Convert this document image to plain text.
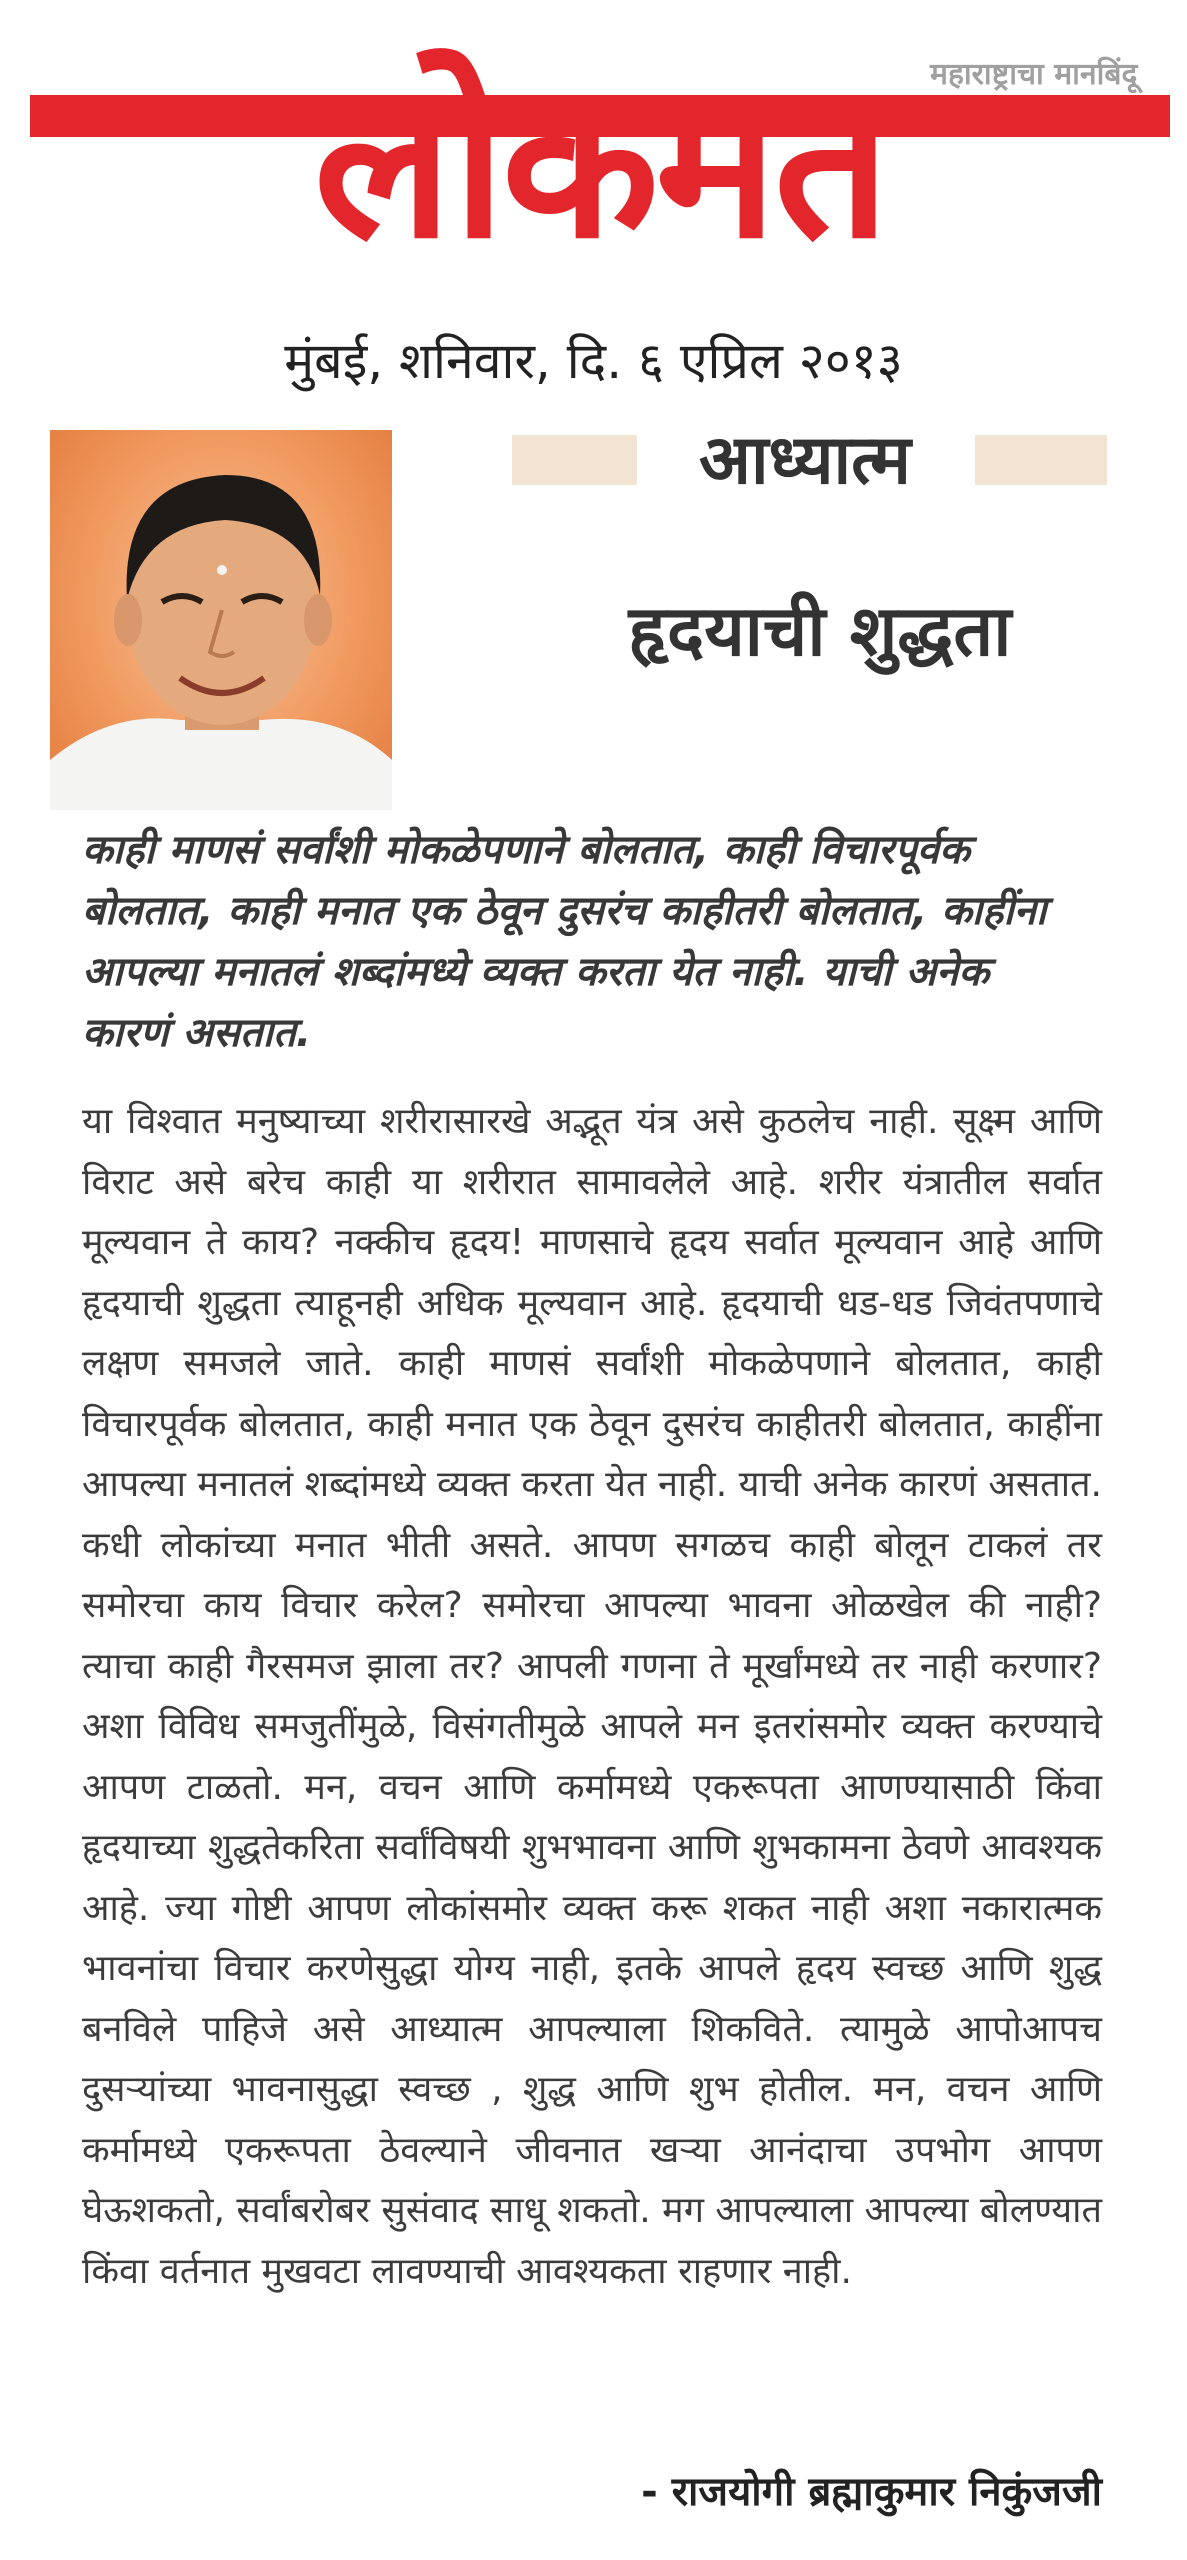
लोकमत	महाराष्ट्राचा मानबिंदू
मुंबई, शनिवार, दि. ६ एप्रिल २०१३
आध्यात्म
हृदयाची शुद्धता
काही माणसं सर्वांशी मोकळेपणाने बोलतात, काही विचारपूर्वक बोलतात, काही मनात एक ठेवून दुसरंच काहीतरी बोलतात, काहींना आपल्या मनातलं शब्दांमध्ये व्यक्त करता येत नाही. याची अनेक कारणं असतात.
या विश्वात मनुष्याच्या शरीरासारखे अद्भूत यंत्र असे कुठलेच नाही. सूक्ष्म आणि विराट असे बरेच काही या शरीरात सामावलेले आहे. शरीर यंत्रातील सर्वात मूल्यवान ते काय? नक्कीच हृदय! माणसाचे हृदय सर्वात मूल्यवान आहे आणि हृदयाची शुद्धता त्याहूनही अधिक मूल्यवान आहे. हृदयाची धड-धड जिवंतपणाचे लक्षण समजले जाते. काही माणसं सर्वांशी मोकळेपणाने बोलतात, काही विचारपूर्वक बोलतात, काही मनात एक ठेवून दुसरंच काहीतरी बोलतात, काहींना आपल्या मनातलं शब्दांमध्ये व्यक्त करता येत नाही. याची अनेक कारणं असतात. कधी लोकांच्या मनात भीती असते. आपण सगळच काही बोलून टाकलं तर समोरचा काय विचार करेल? समोरचा आपल्या भावना ओळखेल की नाही? त्याचा काही गैरसमज झाला तर? आपली गणना ते मूर्खांमध्ये तर नाही करणार? अशा विविध समजुतींमुळे, विसंगतीमुळे आपले मन इतरांसमोर व्यक्त करण्याचे आपण टाळतो. मन, वचन आणि कर्मामध्ये एकरूपता आणण्यासाठी किंवा हृदयाच्या शुद्धतेकरिता सर्वांविषयी शुभभावना आणि शुभकामना ठेवणे आवश्यक आहे. ज्या गोष्टी आपण लोकांसमोर व्यक्त करू शकत नाही अशा नकारात्मक भावनांचा विचार करणेसुद्धा योग्य नाही, इतके आपले हृदय स्वच्छ आणि शुद्ध बनविले पाहिजे असे आध्यात्म आपल्याला शिकविते. त्यामुळे आपोआपच दुसऱ्यांच्या भावनासुद्धा स्वच्छ , शुद्ध आणि शुभ होतील. मन, वचन आणि कर्मामध्ये एकरूपता ठेवल्याने जीवनात खऱ्या आनंदाचा उपभोग आपण घेऊशकतो, सर्वांबरोबर सुसंवाद साधू शकतो. मग आपल्याला आपल्या बोलण्यात किंवा वर्तनात मुखवटा लावण्याची आवश्यकता राहणार नाही.
- राजयोगी ब्रह्माकुमार निकुंजजी
